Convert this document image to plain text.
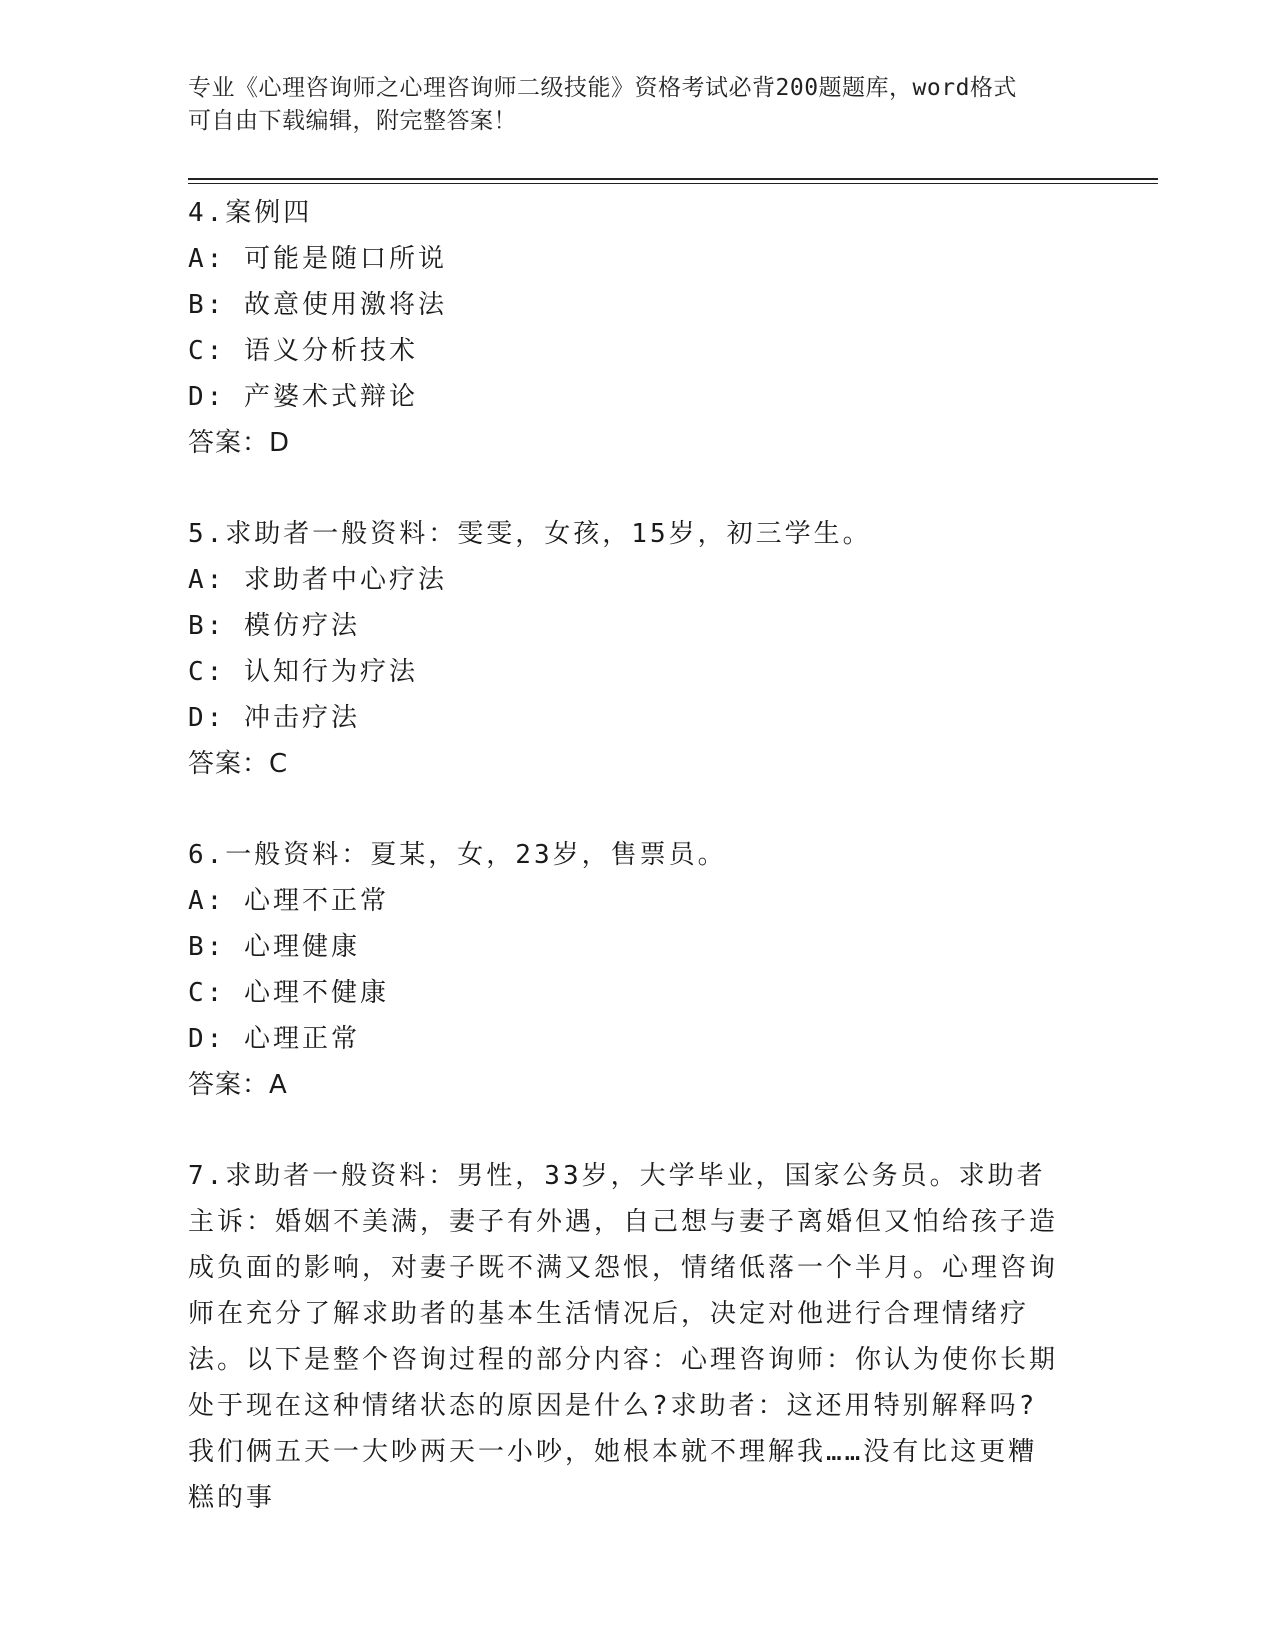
专业《心理咨询师之心理咨询师二级技能》资格考试必背200题题库，word格式
可自由下载编辑，附完整答案！
4.案例四
A: 可能是随口所说
B: 故意使用激将法
C: 语义分析技术
D: 产婆术式辩论
答案：D
5.求助者一般资料：雯雯，女孩，15岁，初三学生。
A: 求助者中心疗法
B: 模仿疗法
C: 认知行为疗法
D: 冲击疗法
答案：C
6.一般资料：夏某，女，23岁，售票员。
A: 心理不正常
B: 心理健康
C: 心理不健康
D: 心理正常
答案：A
7.求助者一般资料：男性，33岁，大学毕业，国家公务员。求助者主诉：婚姻不美满，妻子有外遇，自己想与妻子离婚但又怕给孩子造成负面的影响，对妻子既不满又怨恨，情绪低落一个半月。心理咨询师在充分了解求助者的基本生活情况后，决定对他进行合理情绪疗法。以下是整个咨询过程的部分内容：心理咨询师：你认为使你长期处于现在这种情绪状态的原因是什么?求助者：这还用特别解释吗?我们俩五天一大吵两天一小吵，她根本就不理解我……没有比这更糟糕的事
